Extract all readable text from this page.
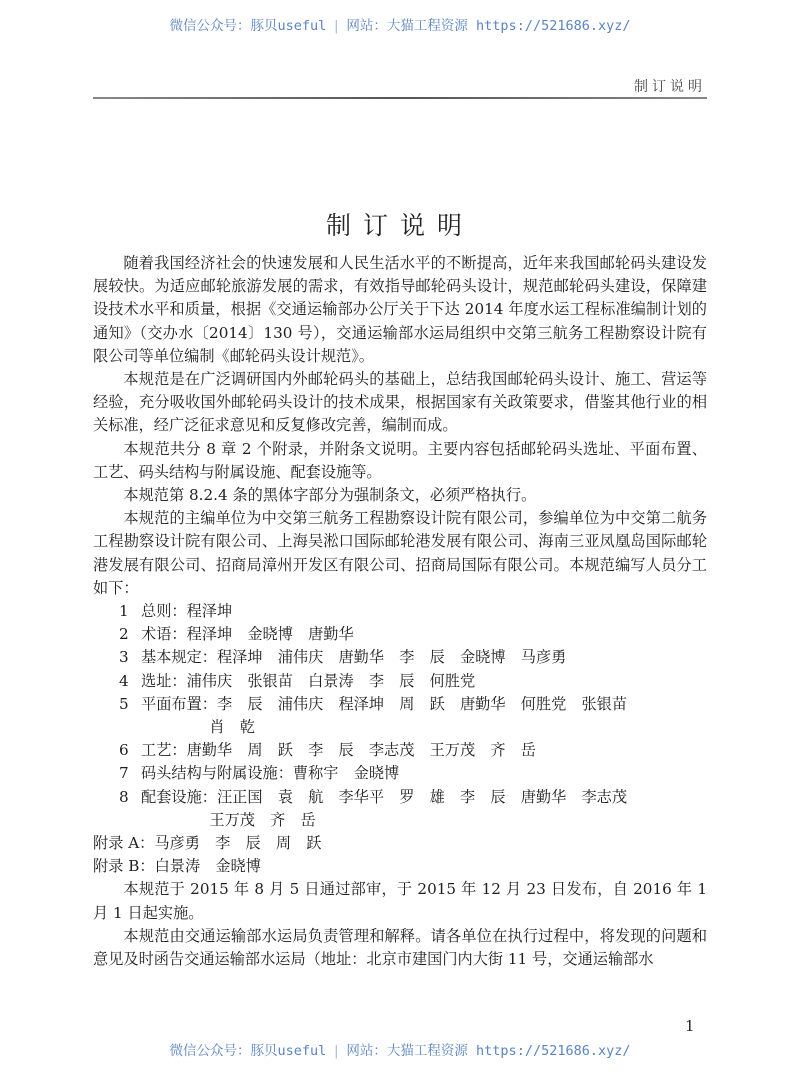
微信公众号：豚贝useful | 网站：大猫工程资源 https://521686.xyz/
制订说明
制订说明

随着我国经济社会的快速发展和人民生活水平的不断提高，近年来我国邮轮码头建设发展较快。为适应邮轮旅游发展的需求，有效指导邮轮码头设计，规范邮轮码头建设，保障建设技术水平和质量，根据《交通运输部办公厅关于下达 2014 年度水运工程标准编制计划的通知》（交办水〔2014〕130 号），交通运输部水运局组织中交第三航务工程勘察设计院有限公司等单位编制《邮轮码头设计规范》。

本规范是在广泛调研国内外邮轮码头的基础上，总结我国邮轮码头设计、施工、营运等经验，充分吸收国外邮轮码头设计的技术成果，根据国家有关政策要求，借鉴其他行业的相关标准，经广泛征求意见和反复修改完善，编制而成。

本规范共分 8 章 2 个附录，并附条文说明。主要内容包括邮轮码头选址、平面布置、工艺、码头结构与附属设施、配套设施等。

本规范第 8.2.4 条的黑体字部分为强制条文，必须严格执行。

本规范的主编单位为中交第三航务工程勘察设计院有限公司，参编单位为中交第二航务工程勘察设计院有限公司、上海吴淞口国际邮轮港发展有限公司、海南三亚凤凰岛国际邮轮港发展有限公司、招商局漳州开发区有限公司、招商局国际有限公司。本规范编写人员分工如下：

1 总则：程泽坤
2 术语：程泽坤　金晓博　唐勤华
3 基本规定：程泽坤　浦伟庆　唐勤华　李　辰　金晓博　马彦勇
4 选址：浦伟庆　张银苗　白景涛　李　辰　何胜党
5 平面布置：李　辰　浦伟庆　程泽坤　周　跃　唐勤华　何胜党　张银苗
肖　乾
6 工艺：唐勤华　周　跃　李　辰　李志茂　王万茂　齐　岳
7 码头结构与附属设施：曹称宇　金晓博
8 配套设施：汪正国　袁　航　李华平　罗　雄　李　辰　唐勤华　李志茂
王万茂　齐　岳

附录 A：马彦勇　李　辰　周　跃

附录 B：白景涛　金晓博

本规范于 2015 年 8 月 5 日通过部审，于 2015 年 12 月 23 日发布，自 2016 年 1 月 1 日起实施。

本规范由交通运输部水运局负责管理和解释。请各单位在执行过程中，将发现的问题和意见及时函告交通运输部水运局（地址：北京市建国门内大街 11 号，交通运输部水

1
微信公众号：豚贝useful | 网站：大猫工程资源 https://521686.xyz/
